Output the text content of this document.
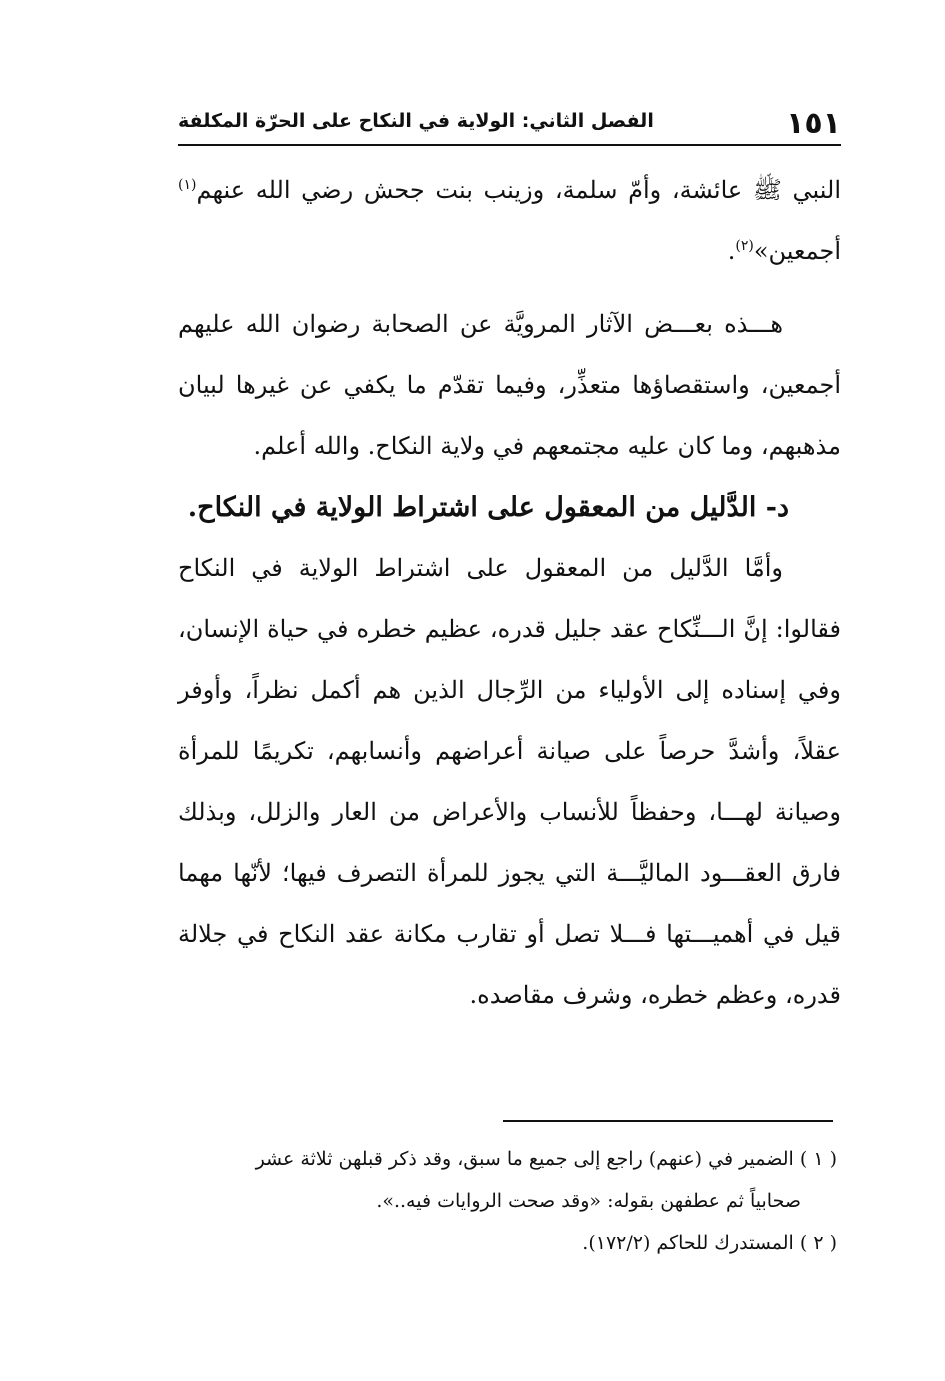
١٥١
الفصل الثاني: الولاية في النكاح على الحرّة المكلفة

النبي ﷺ عائشة، وأمّ سلمة، وزينب بنت جحش رضي الله عنهم$^{(١)}$ أجمعين»$^{(٢)}$.

هـــذه بعـــض الآثار المرويَّة عن الصحابة رضوان الله عليهم أجمعين، واستقصاؤها متعذِّر، وفيما تقدّم ما يكفي عن غيرها لبيان مذهبهم، وما كان عليه مجتمعهم في ولاية النكاح. والله أعلم.

د- الدَّليل من المعقول على اشتراط الولاية في النكاح.

وأمَّا الدَّليل من المعقول على اشتراط الولاية في النكاح فقالوا: إنَّ الـــنِّكاح عقد جليل قدره، عظيم خطره في حياة الإنسان، وفي إسناده إلى الأولياء من الرِّجال الذين هم أكمل نظراً، وأوفر عقلاً، وأشدَّ حرصاً على صيانة أعراضهم وأنسابهم، تكريمًا للمرأة وصيانة لهـــا، وحفظاً للأنساب والأعراض من العار والزلل، وبذلك فارق العقـــود الماليَّـــة التي يجوز للمرأة التصرف فيها؛ لأنّها مهما قيل في أهميـــتها فـــلا تصل أو تقارب مكانة عقد النكاح في جلالة قدره، وعظم خطره، وشرف مقاصده.

( ١ ) الضمير في (عنهم) راجع إلى جميع ما سبق، وقد ذكر قبلهن ثلاثة عشر

صحابياً ثم عطفهن بقوله: «وقد صحت الروايات فيه..».

( ٢ ) المستدرك للحاكم (١٧٢/٢).
